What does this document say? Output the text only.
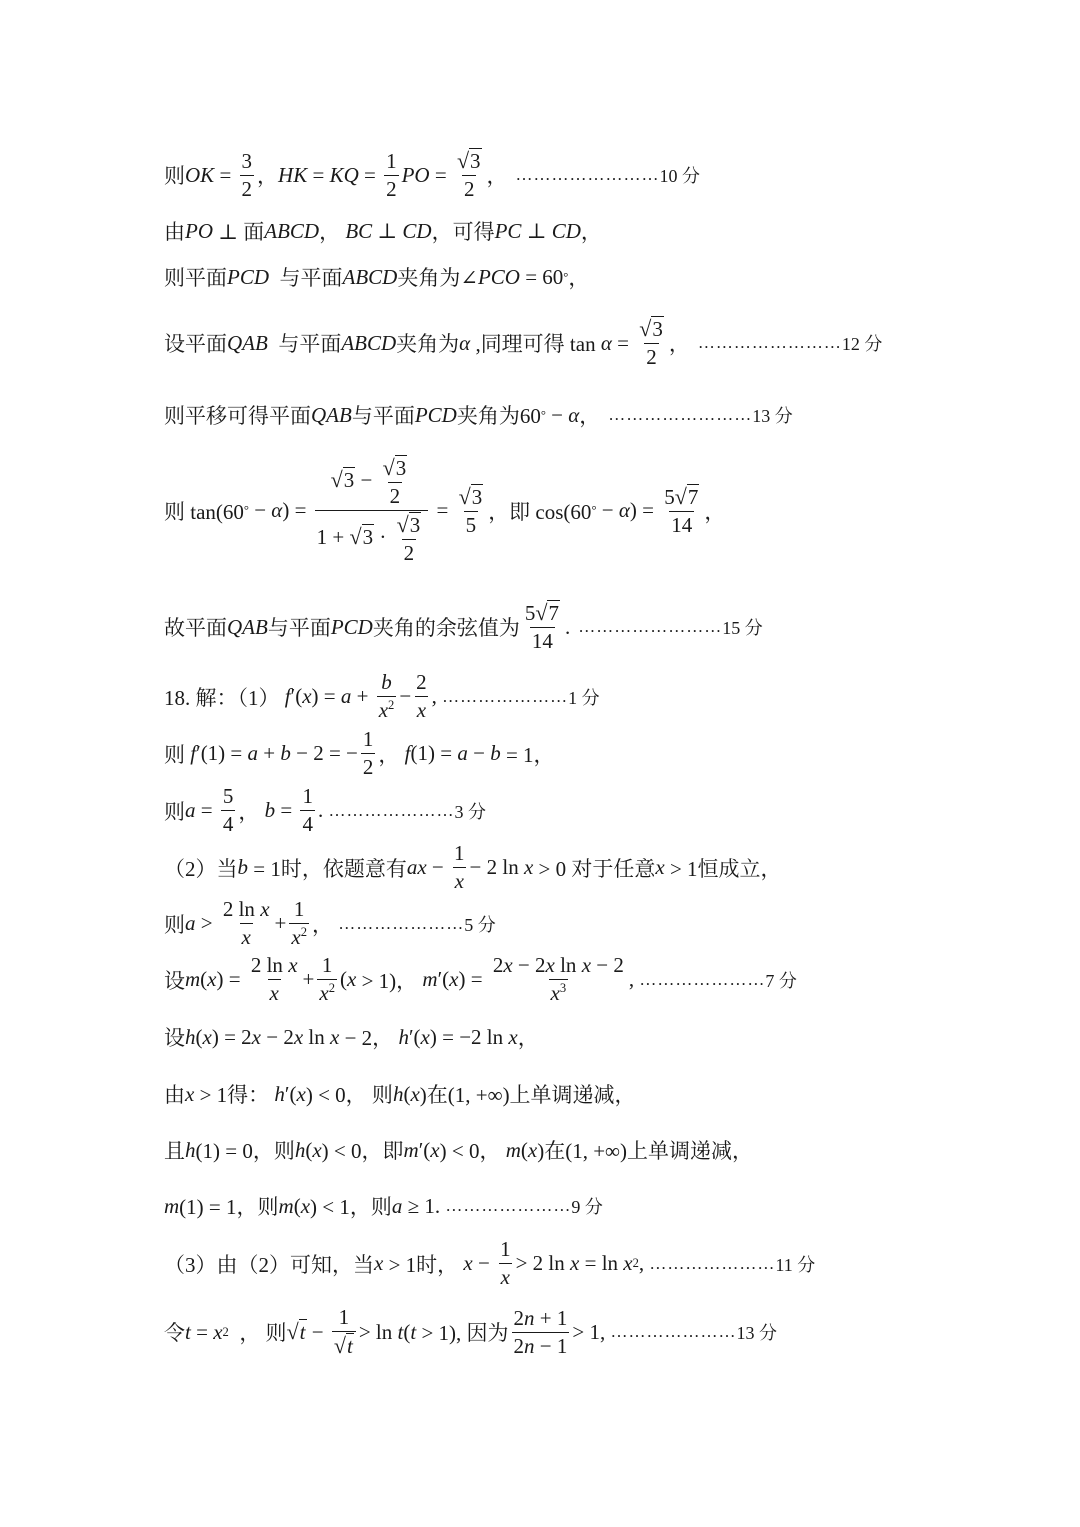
则 OK = $\frac{3}{2}$ ， HK = KQ = $\frac{1}{2}$ PO = $\frac{√ 3}{2}$ ， …………………… 10 分
由 PO ⊥ 面 ABCD ， BC ⊥ CD ，可得 PC ⊥ CD ，
则平面 PCD 与平面 ABCD 夹角为∠ PCO = 60 ° ，
设平面 QAB 与平面 ABCD 夹角为 α ,同理可得 $\tan \alpha = \frac{√ 3}{2}$ ， …………………… 12 分
则平移可得平面 QAB 与平面 PCD 夹角为60 ° − α ， …………………… 13 分
则 tan(60 ° − α ) = $\frac{√ 3 - \frac{√ 3}{2}}{1 + √ 3 \cdot \frac{√ 3}{2}} = \frac{√ 3}{5}$ ，即 cos(60 ° − α ) = $\frac{5 √ 7}{14}$ ，
故平面 QAB 与平面 PCD 夹角的余弦值为 $\frac{5 √ 7}{14}$ . …………………… 15 分
18. 解：（1） f ′( x ) = $a + \frac{b}{x^2} - \frac{2}{x}$ , ………………… 1 分
则 f ′(1) = a + b − 2 = − $\frac{1}{2}$ ， f (1) = a − b = 1，
则 $a = \frac{5}{4}$ ， $b = \frac{1}{4}$ . ………………… 3 分
（2）当 b = 1时，依题意有 ax − $\frac{1}{x} - 2$ ln x > 0 对于任意 x > 1恒成立，
则 $a > \frac{\text{2 ln x}}{x} + \frac{1}{x^2}$ ， ………………… 5 分
设 m ( x ) = $\frac{\text{2 ln x}}{x} + \frac{1}{x^2}$ ( x > 1)， m ′( x ) = $\frac{\text{2x − 2x ln x − 2}}{x^3}$ , ………………… 7 分
设 h ( x ) = 2 x − 2 x ln x − 2， h ′( x ) = −2 ln x ，
由 x > 1得： h ′( x ) < 0， 则 h ( x )在(1, +∞)上单调递减，
且 h (1) = 0，则 h ( x ) < 0，即 m ′( x ) < 0， m ( x )在(1, +∞)上单调递减，
m (1) = 1，则 m ( x ) < 1，则 a ≥ 1. ………………… 9 分
（3）由（2）可知，当 x > 1时， $x - \frac{1}{x} > 2$ ln x = ln x 2 , ………………… 11 分
令 t = x 2 ， 则 √ $t - \frac{1}{√ t} > \ln t$ ( t > 1), 因为 $\frac{2n + 1}{2n - 1} > 1$, ………………… 13 分
